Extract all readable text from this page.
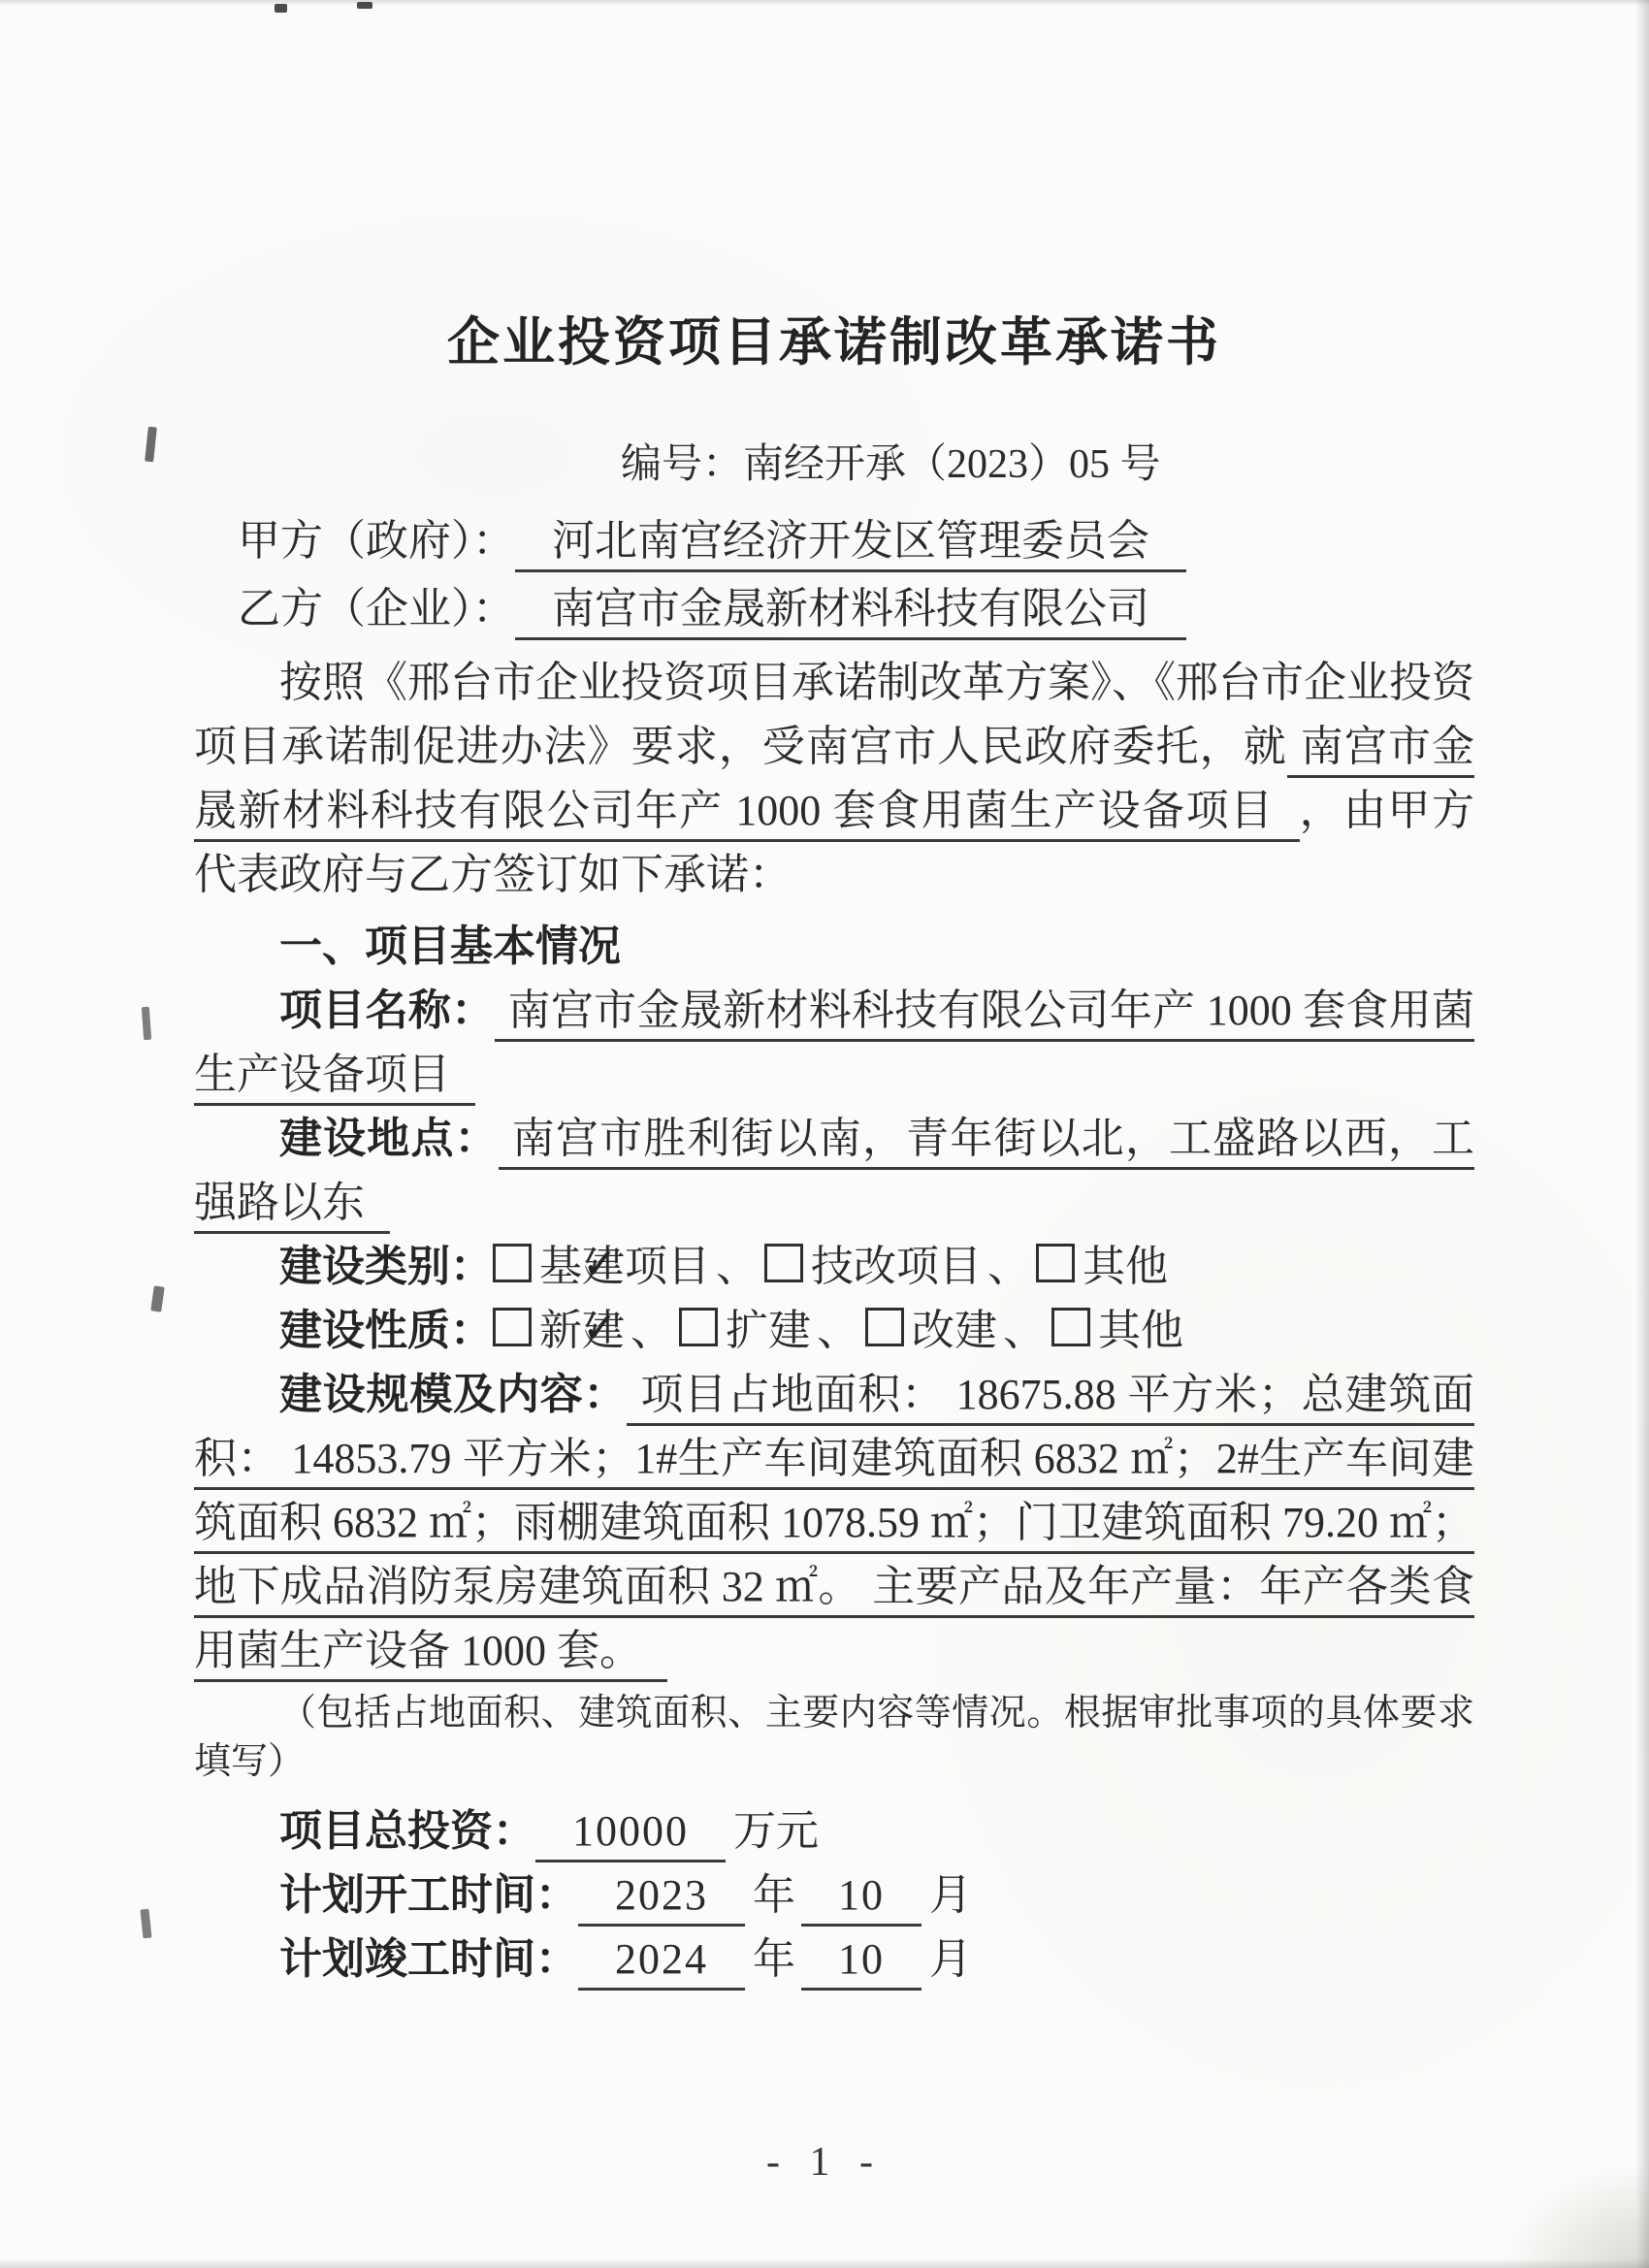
企业投资项目承诺制改革承诺书

编号：南经开承（2023）05 号

甲方（政府）： 河北南宫经济开发区管理委员会

乙方（企业）： 南宫市金晟新材料科技有限公司

按照《邢台市企业投资项目承诺制改革方案》、《邢台市企业投资项目承诺制促进办法》要求，受南宫市人民政府委托，就 南宫市金晟新材料科技有限公司年产 1000 套食用菌生产设备项目 ，由甲方代表政府与乙方签订如下承诺：

一、项目基本情况

项目名称： 南宫市金晟新材料科技有限公司年产 1000 套食用菌生产设备项目

建设地点： 南宫市胜利街以南，青年街以北，工盛路以西，工强路以东

建设类别： ✓ 基建项目 、 技改项目 、 其他

建设性质： ✓ 新建 、 扩建 、 改建 、 其他

建设规模及内容： 项目占地面积： 18675.88 平方米；总建筑面积： 14853.79 平方米；1#生产车间建筑面积 6832 ㎡；2#生产车间建筑面积 6832 ㎡；雨棚建筑面积 1078.59 ㎡；门卫建筑面积 79.20 ㎡；地下成品消防泵房建筑面积 32 ㎡。 主要产品及年产量：年产各类食用菌生产设备 1000 套。

（包括占地面积、建筑面积、主要内容等情况。根据审批事项的具体要求填写）

项目总投资： 10000 万元

计划开工时间： 2023 年 10 月

计划竣工时间： 2024 年 10 月

- 1 -
